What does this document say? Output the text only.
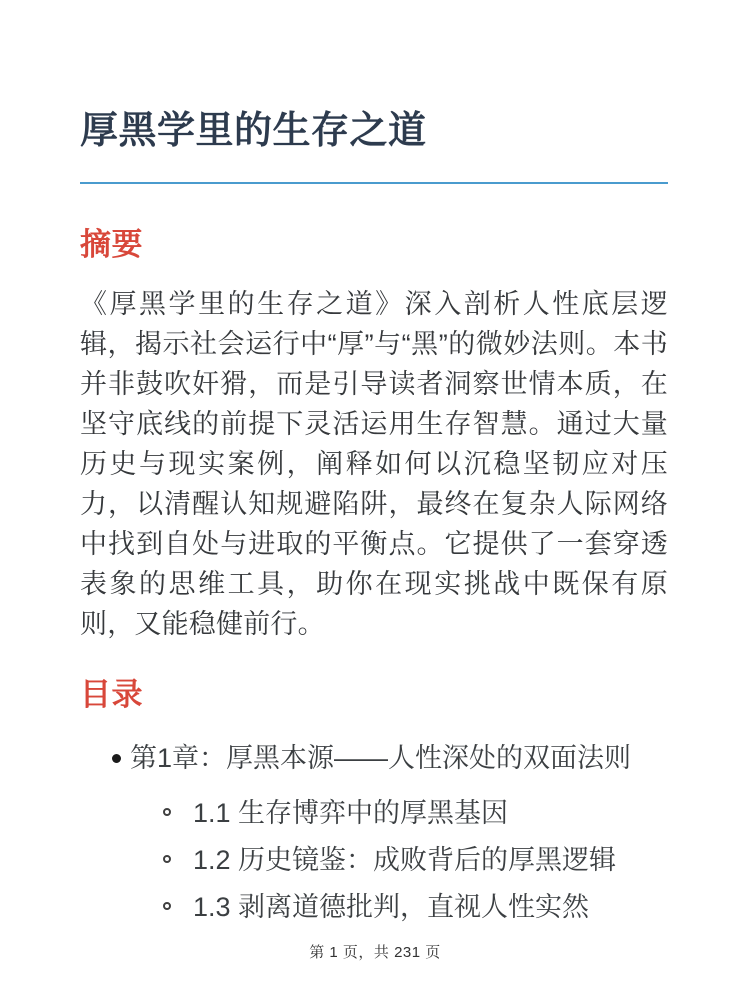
厚黑学里的生存之道
摘要

《厚黑学里的生存之道》深入剖析人性底层逻辑，揭示社会运行中“厚”与“黑”的微妙法则。本书并非鼓吹奸猾，而是引导读者洞察世情本质，在坚守底线的前提下灵活运用生存智慧。通过大量历史与现实案例，阐释如何以沉稳坚韧应对压力，以清醒认知规避陷阱，最终在复杂人际网络中找到自处与进取的平衡点。它提供了一套穿透表象的思维工具，助你在现实挑战中既保有原则，又能稳健前行。

目录
第1章：厚黑本源——人性深处的双面法则
1.1 生存博弈中的厚黑基因
1.2 历史镜鉴：成败背后的厚黑逻辑
1.3 剥离道德批判，直视人性实然
第 1 页，共 231 页
